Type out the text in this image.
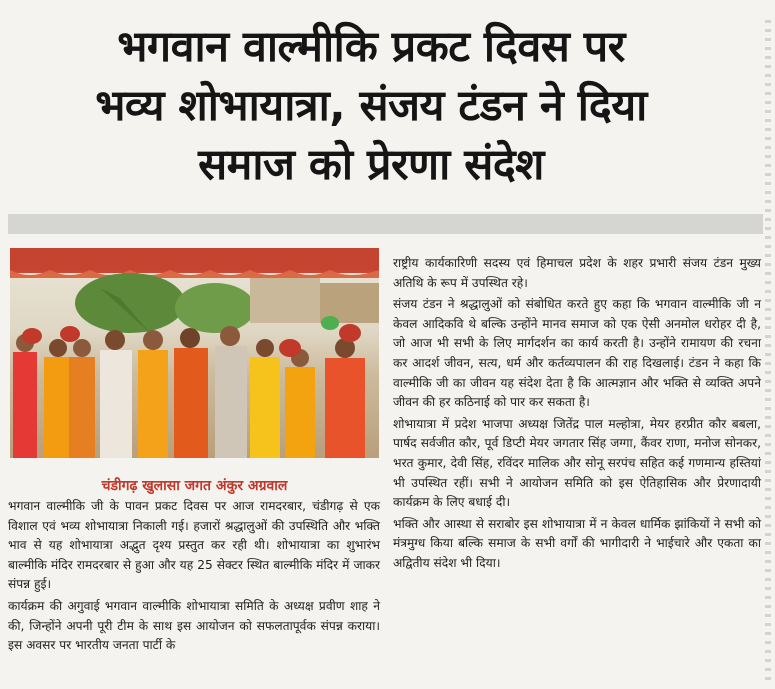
भगवान वाल्मीकि प्रकट दिवस पर
भव्य शोभायात्रा, संजय टंडन ने दिया
समाज को प्रेरणा संदेश
चंडीगढ़ खुलासा जगत अंकुर अग्रवाल

भगवान वाल्मीकि जी के पावन प्रकट दिवस पर आज रामदरबार, चंडीगढ़ से एक विशाल एवं भव्य शोभायात्रा निकाली गई। हजारों श्रद्धालुओं की उपस्थिति और भक्ति भाव से यह शोभायात्रा अद्भुत दृश्य प्रस्तुत कर रही थी। शोभायात्रा का शुभारंभ बाल्मीकि मंदिर रामदरबार से हुआ और यह 25 सेक्टर स्थित बाल्मीकि मंदिर में जाकर संपन्न हुई।

कार्यक्रम की अगुवाई भगवान वाल्मीकि शोभायात्रा समिति के अध्यक्ष प्रवीण शाह ने की, जिन्होंने अपनी पूरी टीम के साथ इस आयोजन को सफलतापूर्वक संपन्न कराया। इस अवसर पर भारतीय जनता पार्टी के

राष्ट्रीय कार्यकारिणी सदस्य एवं हिमाचल प्रदेश के शहर प्रभारी संजय टंडन मुख्य अतिथि के रूप में उपस्थित रहे।

संजय टंडन ने श्रद्धालुओं को संबोधित करते हुए कहा कि भगवान वाल्मीकि जी न केवल आदिकवि थे बल्कि उन्होंने मानव समाज को एक ऐसी अनमोल धरोहर दी है, जो आज भी सभी के लिए मार्गदर्शन का कार्य करती है। उन्होंने रामायण की रचना कर आदर्श जीवन, सत्य, धर्म और कर्तव्यपालन की राह दिखलाई। टंडन ने कहा कि वाल्मीकि जी का जीवन यह संदेश देता है कि आत्मज्ञान और भक्ति से व्यक्ति अपने जीवन की हर कठिनाई को पार कर सकता है।

शोभायात्रा में प्रदेश भाजपा अध्यक्ष जितेंद्र पाल मल्होत्रा, मेयर हरप्रीत कौर बबला, पार्षद सर्वजीत कौर, पूर्व डिप्टी मेयर जगतार सिंह जग्गा, कैंवर राणा, मनोज सोनकर, भरत कुमार, देवी सिंह, रविंदर मालिक और सोनू सरपंच सहित कई गणमान्य हस्तियां भी उपस्थित रहीं। सभी ने आयोजन समिति को इस ऐतिहासिक और प्रेरणादायी कार्यक्रम के लिए बधाई दी।

भक्ति और आस्था से सराबोर इस शोभायात्रा में न केवल धार्मिक झांकियों ने सभी को मंत्रमुग्ध किया बल्कि समाज के सभी वर्गों की भागीदारी ने भाईचारे और एकता का अद्वितीय संदेश भी दिया।
